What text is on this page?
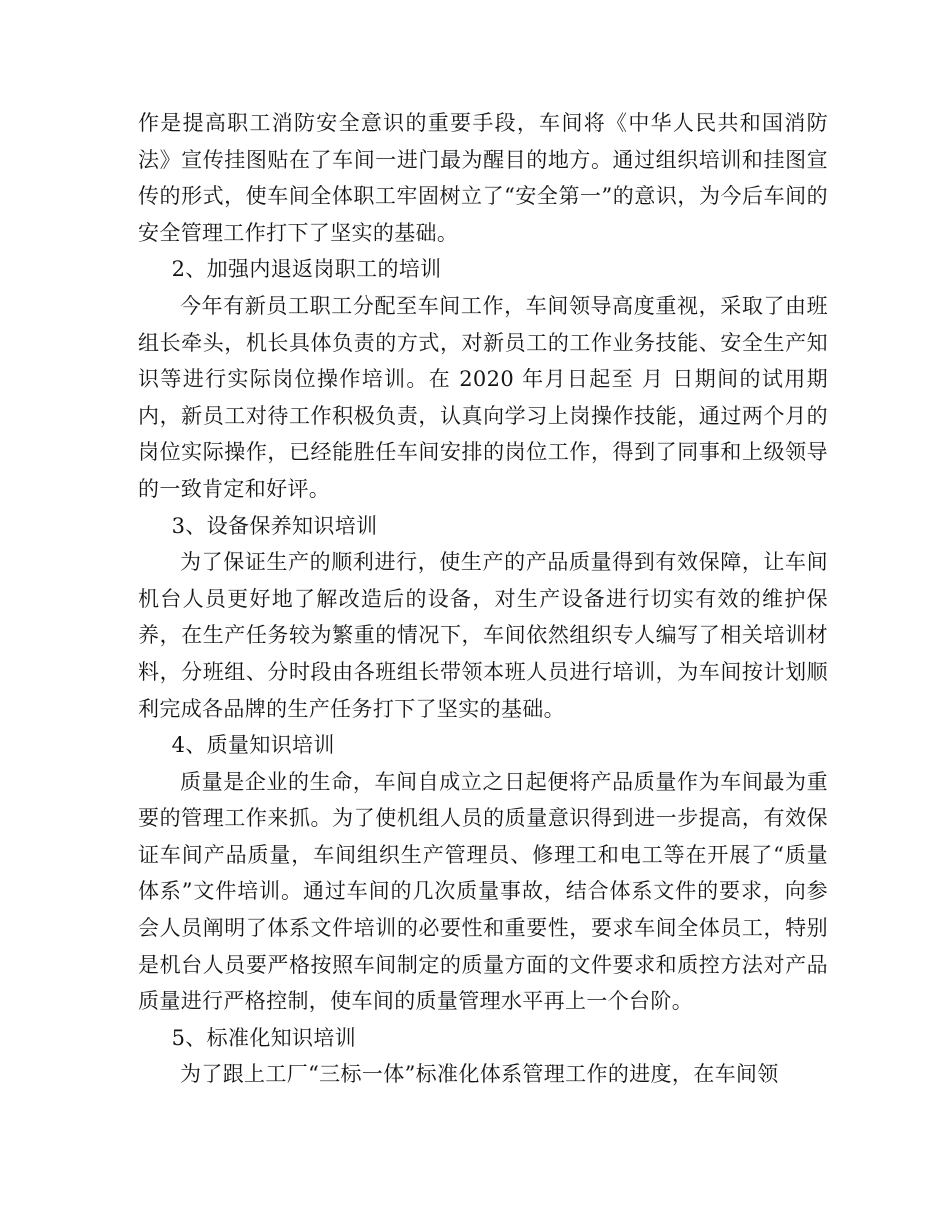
作是提高职工消防安全意识的重要手段，车间将《中华人民共和国消防法》宣传挂图贴在了车间一进门最为醒目的地方。通过组织培训和挂图宣传的形式，使车间全体职工牢固树立了“安全第一”的意识，为今后车间的安全管理工作打下了坚实的基础。

2、加强内退返岗职工的培训

今年有新员工职工分配至车间工作，车间领导高度重视，采取了由班组长牵头，机长具体负责的方式，对新员工的工作业务技能、安全生产知识等进行实际岗位操作培训。在 2020 年月日起至 月 日期间的试用期内，新员工对待工作积极负责，认真向学习上岗操作技能，通过两个月的岗位实际操作，已经能胜任车间安排的岗位工作，得到了同事和上级领导的一致肯定和好评。

3、设备保养知识培训

为了保证生产的顺利进行，使生产的产品质量得到有效保障，让车间机台人员更好地了解改造后的设备，对生产设备进行切实有效的维护保养，在生产任务较为繁重的情况下，车间依然组织专人编写了相关培训材料，分班组、分时段由各班组长带领本班人员进行培训，为车间按计划顺利完成各品牌的生产任务打下了坚实的基础。

4、质量知识培训

质量是企业的生命，车间自成立之日起便将产品质量作为车间最为重要的管理工作来抓。为了使机组人员的质量意识得到进一步提高，有效保证车间产品质量，车间组织生产管理员、修理工和电工等在开展了“质量体系”文件培训。通过车间的几次质量事故，结合体系文件的要求，向参会人员阐明了体系文件培训的必要性和重要性，要求车间全体员工，特别是机台人员要严格按照车间制定的质量方面的文件要求和质控方法对产品质量进行严格控制，使车间的质量管理水平再上一个台阶。

5、标准化知识培训

为了跟上工厂“三标一体”标准化体系管理工作的进度，在车间领
